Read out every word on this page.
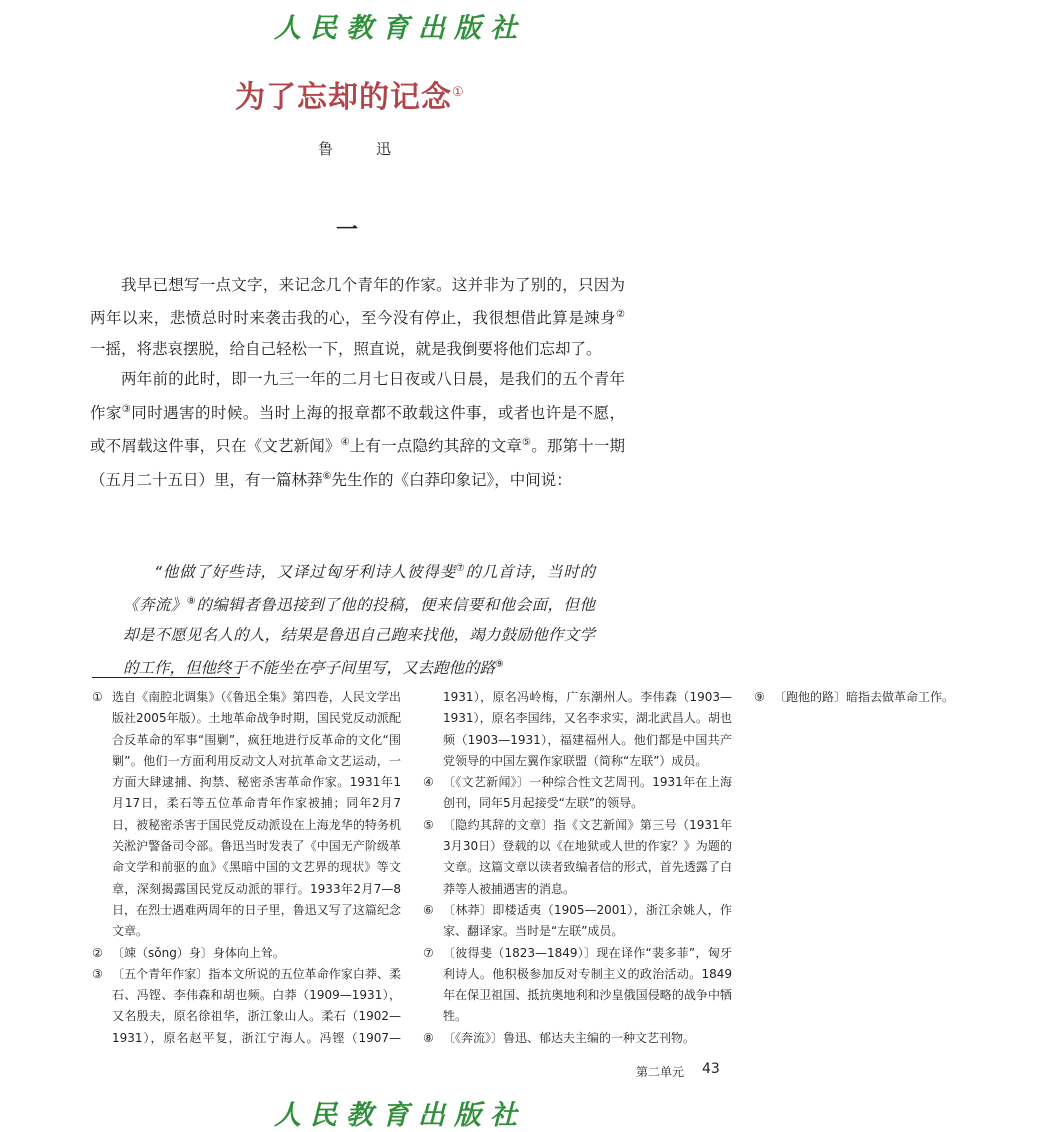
人民教育出版社
为了忘却的记念①
鲁　迅
一

我早已想写一点文字，来记念几个青年的作家。这并非为了别的，只因为两年以来，悲愤总时时来袭击我的心，至今没有停止，我很想借此算是竦身②一摇，将悲哀摆脱，给自己轻松一下，照直说，就是我倒要将他们忘却了。

两年前的此时，即一九三一年的二月七日夜或八日晨，是我们的五个青年作家③同时遇害的时候。当时上海的报章都不敢载这件事，或者也许是不愿，或不屑载这件事，只在《文艺新闻》④上有一点隐约其辞的文章⑤。那第十一期（五月二十五日）里，有一篇林莽⑥先生作的《白莽印象记》，中间说：

“他做了好些诗，又译过匈牙利诗人彼得斐⑦的几首诗，当时的《奔流》⑧的编辑者鲁迅接到了他的投稿，便来信要和他会面，但他却是不愿见名人的人，结果是鲁迅自己跑来找他，竭力鼓励他作文学的工作，但他终于不能坐在亭子间里写，又去跑他的路⑨

① 选自《南腔北调集》（《鲁迅全集》第四卷，人民文学出版社2005年版）。土地革命战争时期，国民党反动派配合反革命的军事“围剿”，疯狂地进行反革命的文化“围剿”。他们一方面利用反动文人对抗革命文艺运动，一方面大肆逮捕、拘禁、秘密杀害革命作家。1931年1月17日，柔石等五位革命青年作家被捕；同年2月7日，被秘密杀害于国民党反动派设在上海龙华的特务机关淞沪警备司令部。鲁迅当时发表了《中国无产阶级革命文学和前驱的血》《黑暗中国的文艺界的现状》等文章，深刻揭露国民党反动派的罪行。1933年2月7—8日，在烈士遇难两周年的日子里，鲁迅又写了这篇纪念文章。
② 〔竦（sǒng）身〕身体向上耸。
③ 〔五个青年作家〕指本文所说的五位革命作家白莽、柔石、冯铿、李伟森和胡也频。白莽（1909—1931），又名殷夫，原名徐祖华，浙江象山人。柔石（1902—1931），原名赵平复，浙江宁海人。冯铿（1907—1931），原名冯岭梅，广东潮州人。李伟森（1903—1931），原名李国纬，又名李求实，湖北武昌人。胡也频（1903—1931），福建福州人。他们都是中国共产党领导的中国左翼作家联盟（简称“左联”）成员。
④ 〔《文艺新闻》〕一种综合性文艺周刊。1931年在上海创刊，同年5月起接受“左联”的领导。
⑤ 〔隐约其辞的文章〕指《文艺新闻》第三号（1931年3月30日）登载的以《在地狱或人世的作家？》为题的文章。这篇文章以读者致编者信的形式，首先透露了白莽等人被捕遇害的消息。
⑥ 〔林莽〕即楼适夷（1905—2001），浙江余姚人，作家、翻译家。当时是“左联”成员。
⑦ 〔彼得斐（1823—1849）〕现在译作“裴多菲”，匈牙利诗人。他积极参加反对专制主义的政治活动。1849年在保卫祖国、抵抗奥地利和沙皇俄国侵略的战争中牺牲。
⑧ 〔《奔流》〕鲁迅、郁达夫主编的一种文艺刊物。
⑨ 〔跑他的路〕暗指去做革命工作。
第二单元 43
人民教育出版社
